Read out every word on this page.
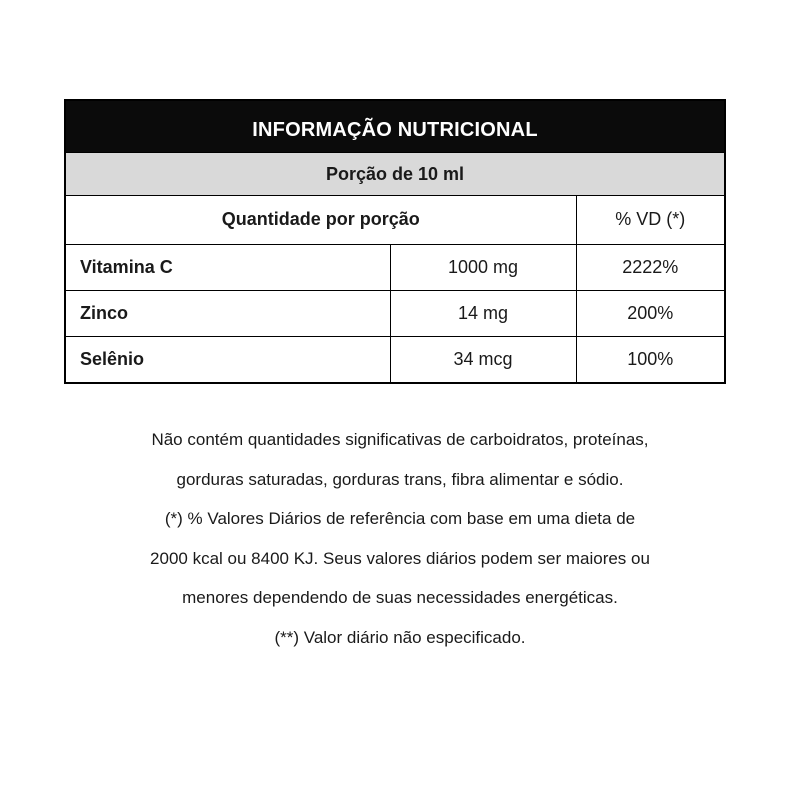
INFORMAÇÃO NUTRICIONAL
Porção de 10 ml
Quantidade por porção		% VD (*)
Vitamina C	1000 mg	2222%
Zinco	14 mg	200%
Selênio	34 mcg	100%
Não contém quantidades significativas de carboidratos, proteínas,
gorduras saturadas, gorduras trans, fibra alimentar e sódio.
(*) % Valores Diários de referência com base em uma dieta de
2000 kcal ou 8400 KJ. Seus valores diários podem ser maiores ou
menores dependendo de suas necessidades energéticas.
(**) Valor diário não especificado.
